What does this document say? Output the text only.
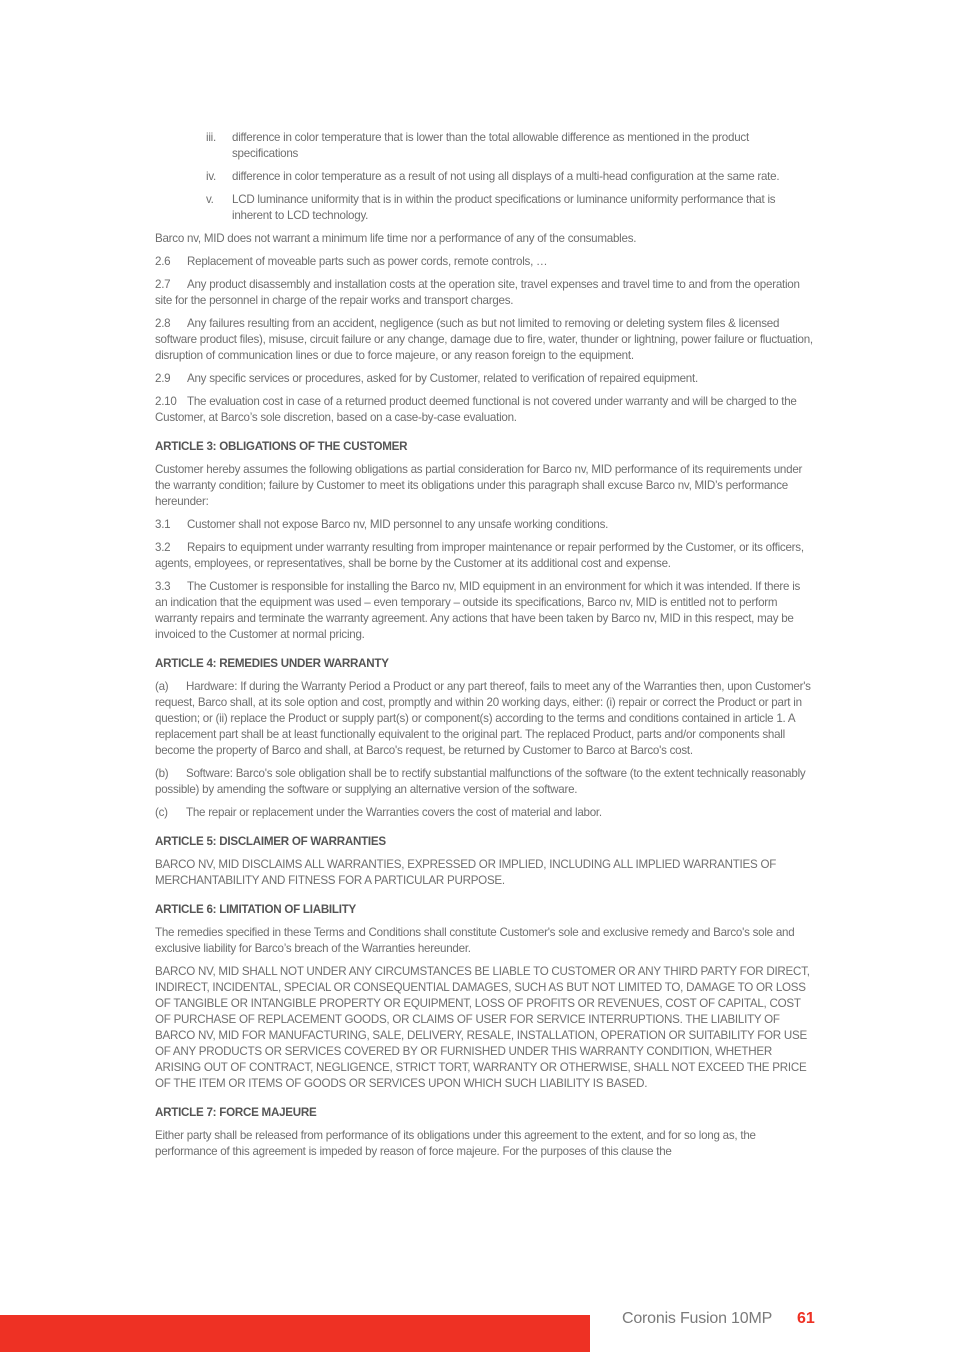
iii. difference in color temperature that is lower than the total allowable difference as mentioned in the product specifications
iv. difference in color temperature as a result of not using all displays of a multi-head configuration at the same rate.
v. LCD luminance uniformity that is in within the product specifications or luminance uniformity performance that is inherent to LCD technology.

Barco nv, MID does not warrant a minimum life time nor a performance of any of the consumables.

2.6 Replacement of moveable parts such as power cords, remote controls, …

2.7 Any product disassembly and installation costs at the operation site, travel expenses and travel time to and from the operation site for the personnel in charge of the repair works and transport charges.

2.8 Any failures resulting from an accident, negligence (such as but not limited to removing or deleting system files & licensed software product files), misuse, circuit failure or any change, damage due to fire, water, thunder or lightning, power failure or fluctuation, disruption of communication lines or due to force majeure, or any reason foreign to the equipment.

2.9 Any specific services or procedures, asked for by Customer, related to verification of repaired equipment.

2.10 The evaluation cost in case of a returned product deemed functional is not covered under warranty and will be charged to the Customer, at Barco’s sole discretion, based on a case-by-case evaluation.

ARTICLE 3: OBLIGATIONS OF THE CUSTOMER

Customer hereby assumes the following obligations as partial consideration for Barco nv, MID performance of its requirements under the warranty condition; failure by Customer to meet its obligations under this paragraph shall excuse Barco nv, MID’s performance hereunder:

3.1 Customer shall not expose Barco nv, MID personnel to any unsafe working conditions.

3.2 Repairs to equipment under warranty resulting from improper maintenance or repair performed by the Customer, or its officers, agents, employees, or representatives, shall be borne by the Customer at its additional cost and expense.

3.3 The Customer is responsible for installing the Barco nv, MID equipment in an environment for which it was intended. If there is an indication that the equipment was used – even temporary – outside its specifications, Barco nv, MID is entitled not to perform warranty repairs and terminate the warranty agreement. Any actions that have been taken by Barco nv, MID in this respect, may be invoiced to the Customer at normal pricing.

ARTICLE 4: REMEDIES UNDER WARRANTY

(a) Hardware: If during the Warranty Period a Product or any part thereof, fails to meet any of the Warranties then, upon Customer's request, Barco shall, at its sole option and cost, promptly and within 20 working days, either: (i) repair or correct the Product or part in question; or (ii) replace the Product or supply part(s) or component(s) according to the terms and conditions contained in article 1. A replacement part shall be at least functionally equivalent to the original part. The replaced Product, parts and/or components shall become the property of Barco and shall, at Barco's request, be returned by Customer to Barco at Barco's cost.

(b) Software: Barco's sole obligation shall be to rectify substantial malfunctions of the software (to the extent technically reasonably possible) by amending the software or supplying an alternative version of the software.

(c) The repair or replacement under the Warranties covers the cost of material and labor.

ARTICLE 5: DISCLAIMER OF WARRANTIES

BARCO NV, MID DISCLAIMS ALL WARRANTIES, EXPRESSED OR IMPLIED, INCLUDING ALL IMPLIED WARRANTIES OF MERCHANTABILITY AND FITNESS FOR A PARTICULAR PURPOSE.

ARTICLE 6: LIMITATION OF LIABILITY

The remedies specified in these Terms and Conditions shall constitute Customer's sole and exclusive remedy and Barco's sole and exclusive liability for Barco’s breach of the Warranties hereunder.

BARCO NV, MID SHALL NOT UNDER ANY CIRCUMSTANCES BE LIABLE TO CUSTOMER OR ANY THIRD PARTY FOR DIRECT, INDIRECT, INCIDENTAL, SPECIAL OR CONSEQUENTIAL DAMAGES, SUCH AS BUT NOT LIMITED TO, DAMAGE TO OR LOSS OF TANGIBLE OR INTANGIBLE PROPERTY OR EQUIPMENT, LOSS OF PROFITS OR REVENUES, COST OF CAPITAL, COST OF PURCHASE OF REPLACEMENT GOODS, OR CLAIMS OF USER FOR SERVICE INTERRUPTIONS. THE LIABILITY OF BARCO NV, MID FOR MANUFACTURING, SALE, DELIVERY, RESALE, INSTALLATION, OPERATION OR SUITABILITY FOR USE OF ANY PRODUCTS OR SERVICES COVERED BY OR FURNISHED UNDER THIS WARRANTY CONDITION, WHETHER ARISING OUT OF CONTRACT, NEGLIGENCE, STRICT TORT, WARRANTY OR OTHERWISE, SHALL NOT EXCEED THE PRICE OF THE ITEM OR ITEMS OF GOODS OR SERVICES UPON WHICH SUCH LIABILITY IS BASED.

ARTICLE 7: FORCE MAJEURE

Either party shall be released from performance of its obligations under this agreement to the extent, and for so long as, the performance of this agreement is impeded by reason of force majeure. For the purposes of this clause the

Coronis Fusion 10MP 61
